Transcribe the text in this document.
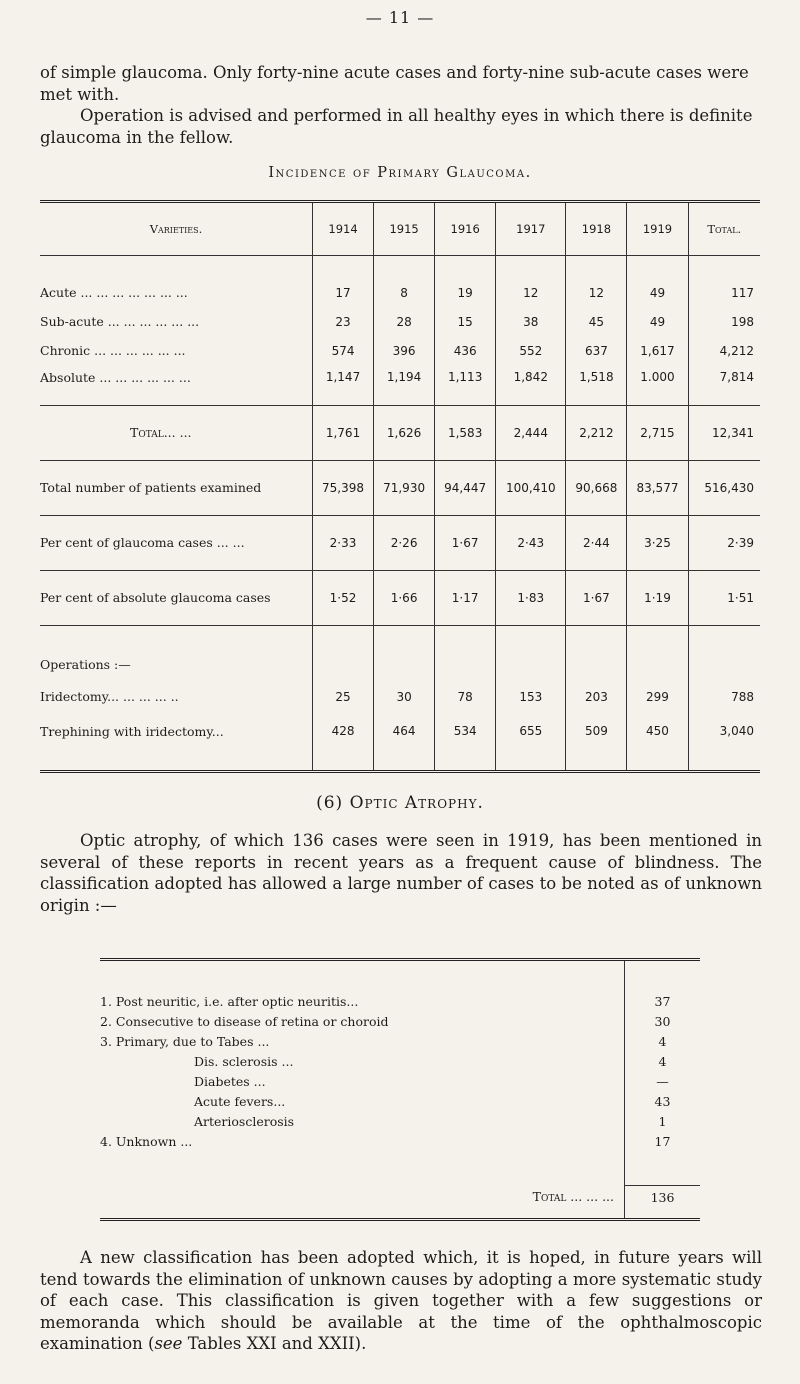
— 11 —

of simple glaucoma. Only forty-nine acute cases and forty-nine sub-acute cases were met with.

Operation is advised and performed in all healthy eyes in which there is definite glaucoma in the fellow.

Incidence of Primary Glaucoma.
Varieties.	1914	1915	1916	1917	1918	1919	Total.
Acute ... ... ... ... ... ... ...	17	8	19	12	12	49	117
Sub-acute ... ... ... ... ... ...	23	28	15	38	45	49	198
Chronic ... ... ... ... ... ...	574	396	436	552	637	1,617	4,212
Absolute ... ... ... ... ... ...	1,147	1,194	1,113	1,842	1,518	1.000	7,814
Total... ...	1,761	1,626	1,583	2,444	2,212	2,715	12,341
Total number of patients examined	75,398	71,930	94,447	100,410	90,668	83,577	516,430
Per cent of glaucoma cases ... ...	2·33	2·26	1·67	2·43	2·44	3·25	2·39
Per cent of absolute glaucoma cases	1·52	1·66	1·17	1·83	1·67	1·19	1·51
Operations :—							
Iridectomy... ... ... ... ..	25	30	78	153	203	299	788
Trephining with iridectomy...	428	464	534	655	509	450	3,040
(6) Optic Atrophy.

Optic atrophy, of which 136 cases were seen in 1919, has been mentioned in several of these reports in recent years as a frequent cause of blindness. The classification adopted has allowed a large number of cases to be noted as of unknown origin :—

1. Post neuritic, i.e. after optic neuritis...	37
2. Consecutive to disease of retina or choroid	30
3. Primary, due to Tabes ...	4
Dis. sclerosis ...	4
Diabetes ...	—
Acute fevers...	43
Arteriosclerosis	1
4. Unknown ...	17

Total ... ... ...	136

A new classification has been adopted which, it is hoped, in future years will tend towards the elimination of unknown causes by adopting a more systematic study of each case. This classification is given together with a few suggestions or memoranda which should be available at the time of the ophthalmoscopic examination (see Tables XXI and XXII).
